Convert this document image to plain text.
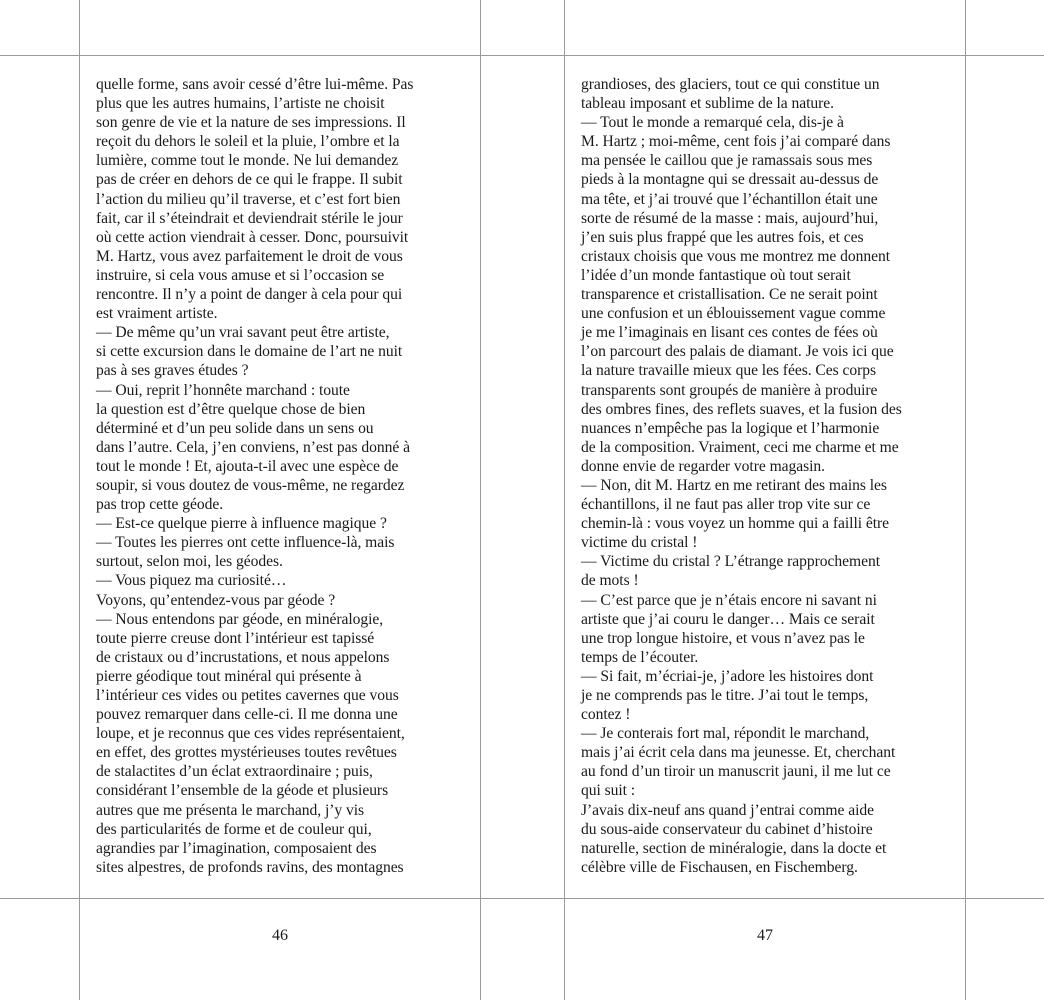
quelle forme, sans avoir cessé d’être lui-même. Pas

plus que les autres humains, l’artiste ne choisit

son genre de vie et la nature de ses impressions. Il

reçoit du dehors le soleil et la pluie, l’ombre et la

lumière, comme tout le monde. Ne lui demandez

pas de créer en dehors de ce qui le frappe. Il subit

l’action du milieu qu’il traverse, et c’est fort bien

fait, car il s’éteindrait et deviendrait stérile le jour

où cette action viendrait à cesser. Donc, poursuivit

M. Hartz, vous avez parfaitement le droit de vous

instruire, si cela vous amuse et si l’occasion se

rencontre. Il n’y a point de danger à cela pour qui

est vraiment artiste.

— De même qu’un vrai savant peut être artiste,

si cette excursion dans le domaine de l’art ne nuit

pas à ses graves études ?

— Oui, reprit l’honnête marchand : toute

la question est d’être quelque chose de bien

déterminé et d’un peu solide dans un sens ou

dans l’autre. Cela, j’en conviens, n’est pas donné à

tout le monde ! Et, ajouta-t-il avec une espèce de

soupir, si vous doutez de vous-même, ne regardez

pas trop cette géode.

— Est-ce quelque pierre à influence magique ?

— Toutes les pierres ont cette influence-là, mais

surtout, selon moi, les géodes.

— Vous piquez ma curiosité…

Voyons, qu’entendez-vous par géode ?

— Nous entendons par géode, en minéralogie,

toute pierre creuse dont l’intérieur est tapissé

de cristaux ou d’incrustations, et nous appelons

pierre géodique tout minéral qui présente à

l’intérieur ces vides ou petites cavernes que vous

pouvez remarquer dans celle-ci. Il me donna une

loupe, et je reconnus que ces vides représentaient,

en effet, des grottes mystérieuses toutes revêtues

de stalactites d’un éclat extraordinaire ; puis,

considérant l’ensemble de la géode et plusieurs

autres que me présenta le marchand, j’y vis

des particularités de forme et de couleur qui,

agrandies par l’imagination, composaient des

sites alpestres, de profonds ravins, des montagnes

grandioses, des glaciers, tout ce qui constitue un

tableau imposant et sublime de la nature.

— Tout le monde a remarqué cela, dis-je à

M. Hartz ; moi-même, cent fois j’ai comparé dans

ma pensée le caillou que je ramassais sous mes

pieds à la montagne qui se dressait au-dessus de

ma tête, et j’ai trouvé que l’échantillon était une

sorte de résumé de la masse : mais, aujourd’hui,

j’en suis plus frappé que les autres fois, et ces

cristaux choisis que vous me montrez me donnent

l’idée d’un monde fantastique où tout serait

transparence et cristallisation. Ce ne serait point

une confusion et un éblouissement vague comme

je me l’imaginais en lisant ces contes de fées où

l’on parcourt des palais de diamant. Je vois ici que

la nature travaille mieux que les fées. Ces corps

transparents sont groupés de manière à produire

des ombres fines, des reflets suaves, et la fusion des

nuances n’empêche pas la logique et l’harmonie

de la composition. Vraiment, ceci me charme et me

donne envie de regarder votre magasin.

— Non, dit M. Hartz en me retirant des mains les

échantillons, il ne faut pas aller trop vite sur ce

chemin-là : vous voyez un homme qui a failli être

victime du cristal !

— Victime du cristal ? L’étrange rapprochement

de mots !

— C’est parce que je n’étais encore ni savant ni

artiste que j’ai couru le danger… Mais ce serait

une trop longue histoire, et vous n’avez pas le

temps de l’écouter.

— Si fait, m’écriai-je, j’adore les histoires dont

je ne comprends pas le titre. J’ai tout le temps,

contez !

— Je conterais fort mal, répondit le marchand,

mais j’ai écrit cela dans ma jeunesse. Et, cherchant

au fond d’un tiroir un manuscrit jauni, il me lut ce

qui suit :

J’avais dix-neuf ans quand j’entrai comme aide

du sous-aide conservateur du cabinet d’histoire

naturelle, section de minéralogie, dans la docte et

célèbre ville de Fischausen, en Fischemberg.

46	47
